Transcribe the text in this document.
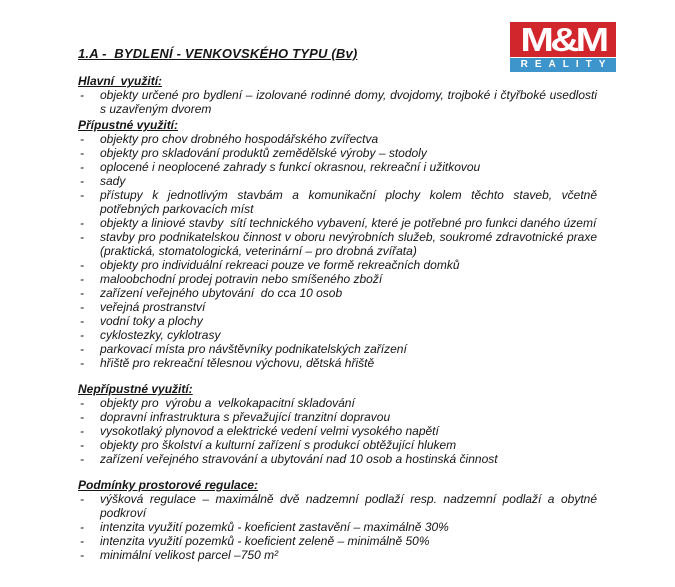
M&M
REALITY
1.A -  BYDLENÍ - VENKOVSKÉHO TYPU (Bv)
Hlavní  využití:
-	objekty určené pro bydlení – izolované rodinné domy, dvojdomy, trojboké i čtyřboké usedlosti s uzavřeným dvorem
Přípustné využití:
-	objekty pro chov drobného hospodářského zvířectva
-	objekty pro skladování produktů zemědělské výroby – stodoly
-	oplocené i neoplocené zahrady s funkcí okrasnou, rekreační i užitkovou
-	sady
-	přístupy k jednotlivým stavbám a komunikační plochy kolem těchto staveb, včetně potřebných parkovacích míst
-	objekty a liniové stavby  sítí technického vybavení, které je potřebné pro funkci daného území
-	stavby pro podnikatelskou činnost v oboru nevýrobních služeb, soukromé zdravotnické praxe (praktická, stomatologická, veterinární – pro drobná zvířata)
-	objekty pro individuální rekreaci pouze ve formě rekreačních domků
-	maloobchodní prodej potravin nebo smíšeného zboží
-	zařízení veřejného ubytování  do cca 10 osob
-	veřejná prostranství
-	vodní toky a plochy
-	cyklostezky, cyklotrasy
-	parkovací místa pro návštěvníky podnikatelských zařízení
-	hřiště pro rekreační tělesnou výchovu, dětská hřiště
Nepřípustné využití:
-	objekty pro  výrobu a  velkokapacitní skladování
-	dopravní infrastruktura s převažující tranzitní dopravou
-	vysokotlaký plynovod a elektrické vedení velmi vysokého napětí
-	objekty pro školství a kulturní zařízení s produkcí obtěžující hlukem
-	zařízení veřejného stravování a ubytování nad 10 osob a hostinská činnost
Podmínky prostorové regulace:
-	výšková regulace – maximálně dvě nadzemní podlaží resp. nadzemní podlaží a obytné podkroví
-	intenzita využití pozemků - koeficient zastavění – maximálně 30%
-	intenzita využití pozemků - koeficient zeleně – minimálně 50%
-	minimální velikost parcel –750 m²
